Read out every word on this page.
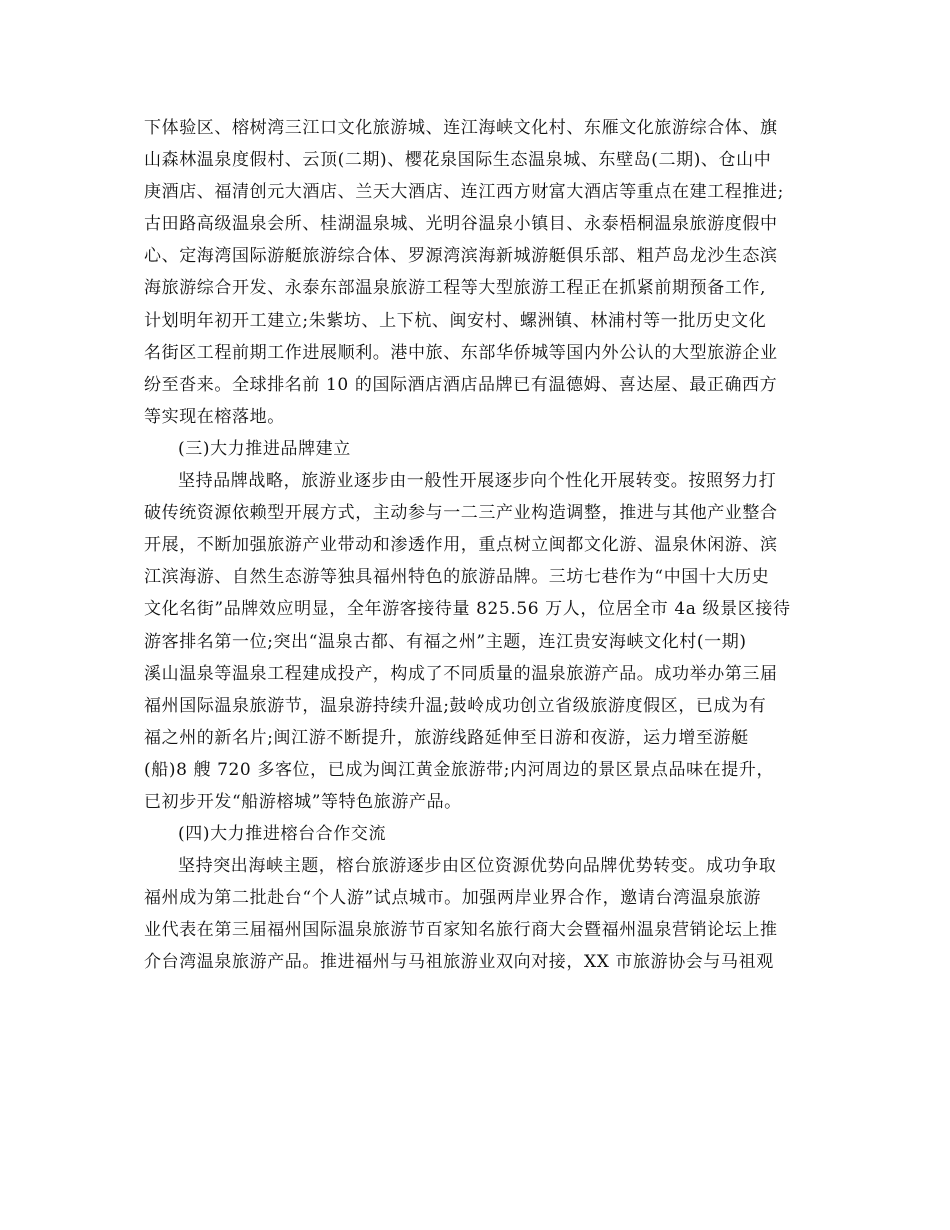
下体验区、榕树湾三江口文化旅游城、连江海峡文化村、东雁文化旅游综合体、旗
山森林温泉度假村、云顶(二期)、樱花泉国际生态温泉城、东壁岛(二期)、仓山中
庚酒店、福清创元大酒店、兰天大酒店、连江西方财富大酒店等重点在建工程推进;
古田路高级温泉会所、桂湖温泉城、光明谷温泉小镇目、永泰梧桐温泉旅游度假中
心、定海湾国际游艇旅游综合体、罗源湾滨海新城游艇俱乐部、粗芦岛龙沙生态滨
海旅游综合开发、永泰东部温泉旅游工程等大型旅游工程正在抓紧前期预备工作,
计划明年初开工建立;朱紫坊、上下杭、闽安村、螺洲镇、林浦村等一批历史文化
名街区工程前期工作进展顺利。港中旅、东部华侨城等国内外公认的大型旅游企业
纷至沓来。全球排名前 10 的国际酒店酒店品牌已有温德姆、喜达屋、最正确西方
等实现在榕落地。
(三)大力推进品牌建立
坚持品牌战略，旅游业逐步由一般性开展逐步向个性化开展转变。按照努力打
破传统资源依赖型开展方式，主动参与一二三产业构造调整，推进与其他产业整合
开展，不断加强旅游产业带动和渗透作用，重点树立闽都文化游、温泉休闲游、滨
江滨海游、自然生态游等独具福州特色的旅游品牌。三坊七巷作为“中国十大历史
文化名街”品牌效应明显，全年游客接待量 825.56 万人，位居全市 4a 级景区接待
游客排名第一位;突出“温泉古都、有福之州”主题，连江贵安海峡文化村(一期)
溪山温泉等温泉工程建成投产，构成了不同质量的温泉旅游产品。成功举办第三届
福州国际温泉旅游节，温泉游持续升温;鼓岭成功创立省级旅游度假区，已成为有
福之州的新名片;闽江游不断提升，旅游线路延伸至日游和夜游，运力增至游艇
(船)8 艘 720 多客位，已成为闽江黄金旅游带;内河周边的景区景点品味在提升，
已初步开发“船游榕城”等特色旅游产品。
(四)大力推进榕台合作交流
坚持突出海峡主题，榕台旅游逐步由区位资源优势向品牌优势转变。成功争取
福州成为第二批赴台“个人游”试点城市。加强两岸业界合作，邀请台湾温泉旅游
业代表在第三届福州国际温泉旅游节百家知名旅行商大会暨福州温泉营销论坛上推
介台湾温泉旅游产品。推进福州与马祖旅游业双向对接，XX 市旅游协会与马祖观
